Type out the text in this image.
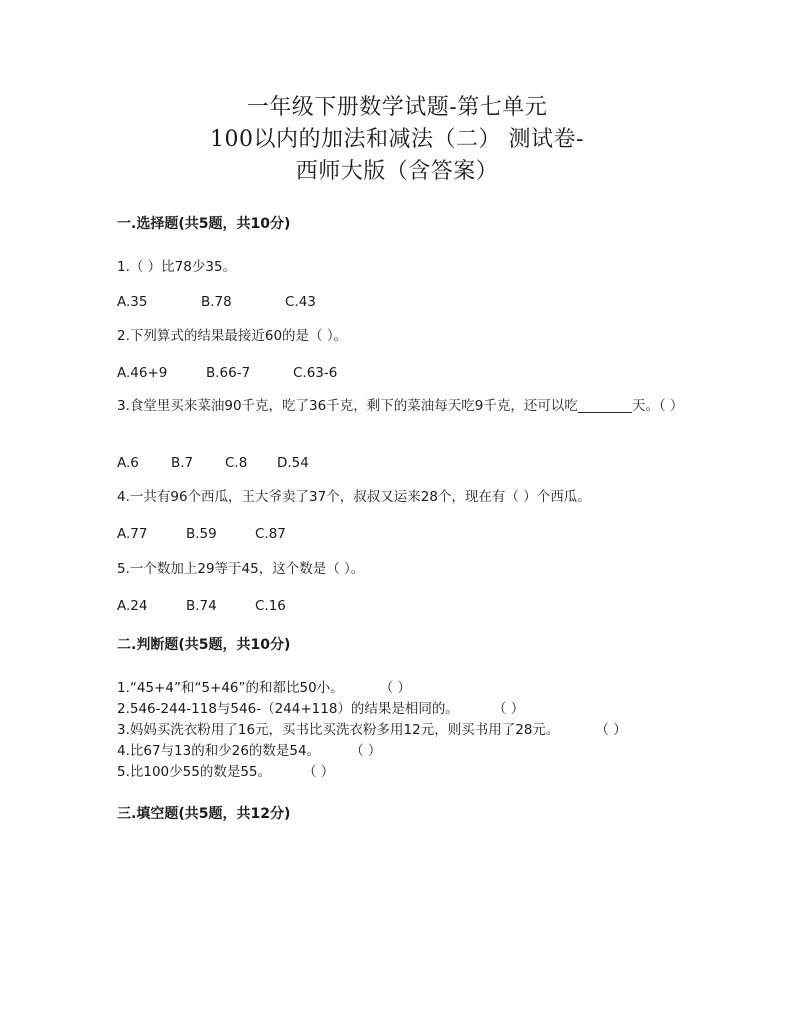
一年级下册数学试题-第七单元
100以内的加法和减法（二） 测试卷-
西师大版（含答案）
一.选择题(共5题，共10分)
1.（ ）比78少35。
A.35	B.78	C.43
2.下列算式的结果最接近60的是（ ）。
A.46+9	B.66-7	C.63-6
3.食堂里买来菜油90千克，吃了36千克，剩下的菜油每天吃9千克，还可以吃________天。（ ）
A.6 B.7 C.8 D.54
4.一共有96个西瓜，王大爷卖了37个，叔叔又运来28个，现在有（ ）个西瓜。
A.77	B.59	C.87
5.一个数加上29等于45，这个数是（ ）。
A.24	B.74	C.16
二.判断题(共5题，共10分)
1.“45+4”和“5+46”的和都比50小。	（ ）
2.546-244-118与546-（244+118）的结果是相同的。	（ ）
3.妈妈买洗衣粉用了16元，买书比买洗衣粉多用12元，则买书用了28元。	（ ）
4.比67与13的和少26的数是54。 （ ）
5.比100少55的数是55。 （ ）
三.填空题(共5题，共12分)
